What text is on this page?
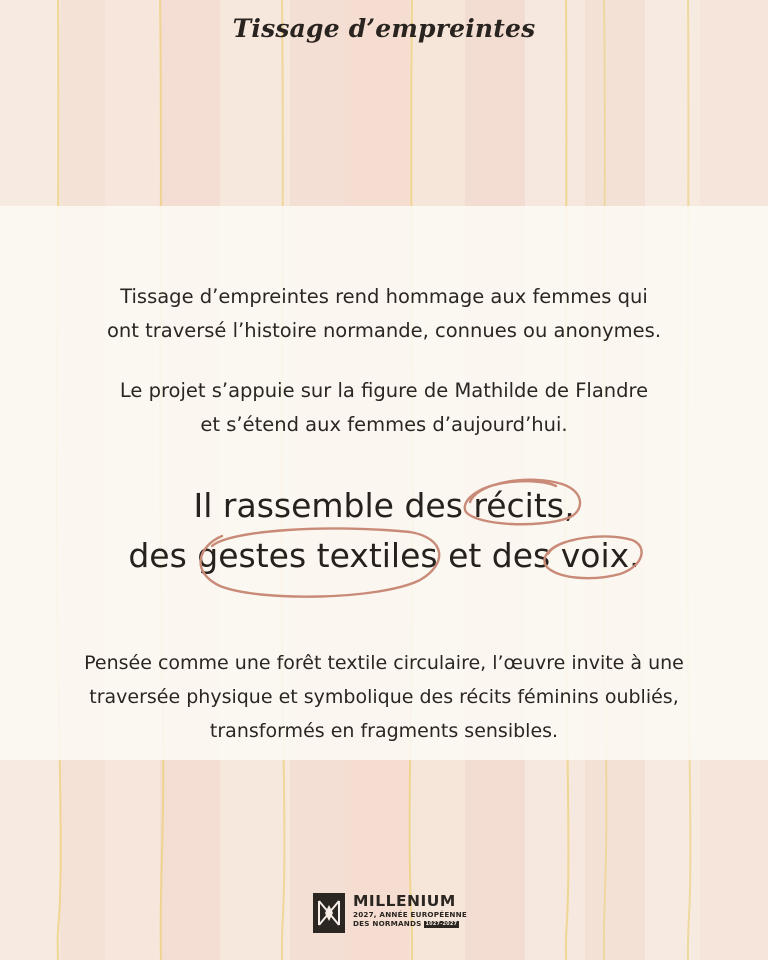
Tissage d’empreintes
Tissage d’empreintes rend hommage aux femmes qui
ont traversé l’histoire normande, connues ou anonymes.
Le projet s’appuie sur la figure de Mathilde de Flandre
et s’étend aux femmes d’aujourd’hui.
Il rassemble des récits,
des gestes textiles et des voix.
Pensée comme une forêt textile circulaire, l’œuvre invite à une
traversée physique et symbolique des récits féminins oubliés,
transformés en fragments sensibles.
MILLENIUM
2027, ANNÉE EUROPÉENNE
DES NORMANDS 1027-2027
